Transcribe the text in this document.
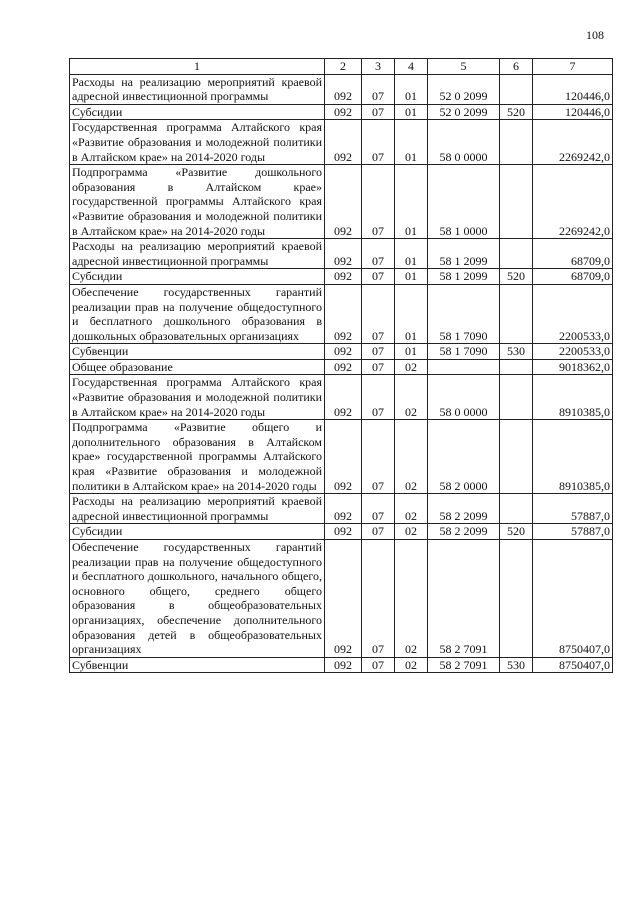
108
1	2	3	4	5	6	7
Расходы на реализацию мероприятий краевой адресной инвестиционной программы	092	07	01	52 0 2099		120446,0
Субсидии	092	07	01	52 0 2099	520	120446,0
Государственная программа Алтайского края «Развитие образования и молодежной политики в Алтайском крае» на 2014-2020 годы	092	07	01	58 0 0000		2269242,0
Подпрограмма «Развитие дошкольного образования в Алтайском крае» государственной программы Алтайского края «Развитие образования и молодежной политики в Алтайском крае» на 2014-2020 годы	092	07	01	58 1 0000		2269242,0
Расходы на реализацию мероприятий краевой адресной инвестиционной программы	092	07	01	58 1 2099		68709,0
Субсидии	092	07	01	58 1 2099	520	68709,0
Обеспечение государственных гарантий реализации прав на получение общедоступного и бесплатного дошкольного образования в дошкольных образовательных организациях	092	07	01	58 1 7090		2200533,0
Субвенции	092	07	01	58 1 7090	530	2200533,0
Общее образование	092	07	02			9018362,0
Государственная программа Алтайского края «Развитие образования и молодежной политики в Алтайском крае» на 2014-2020 годы	092	07	02	58 0 0000		8910385,0
Подпрограмма «Развитие общего и дополнительного образования в Алтайском крае» государственной программы Алтайского края «Развитие образования и молодежной политики в Алтайском крае» на 2014-2020 годы	092	07	02	58 2 0000		8910385,0
Расходы на реализацию мероприятий краевой адресной инвестиционной программы	092	07	02	58 2 2099		57887,0
Субсидии	092	07	02	58 2 2099	520	57887,0
Обеспечение государственных гарантий реализации прав на получение общедоступного и бесплатного дошкольного, начального общего, основного общего, среднего общего образования в общеобразовательных организациях, обеспечение дополнительного образования детей в общеобразовательных организациях	092	07	02	58 2 7091		8750407,0
Субвенции	092	07	02	58 2 7091	530	8750407,0
